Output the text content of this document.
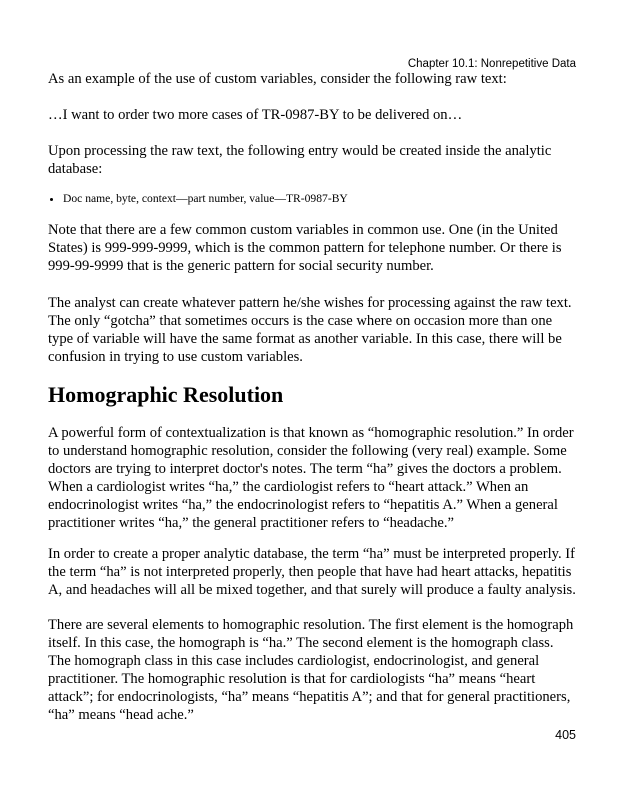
Chapter 10.1: Nonrepetitive Data

As an example of the use of custom variables, consider the following raw text:

…I want to order two more cases of TR-0987-BY to be delivered on…

Upon processing the raw text, the following entry would be created inside the analytic database:

• Doc name, byte, context—part number, value—TR-0987-BY

Note that there are a few common custom variables in common use. One (in the United States) is 999-999-9999, which is the common pattern for telephone number. Or there is 999-99-9999 that is the generic pattern for social security number.

The analyst can create whatever pattern he/she wishes for processing against the raw text. The only “gotcha” that sometimes occurs is the case where on occasion more than one type of variable will have the same format as another variable. In this case, there will be confusion in trying to use custom variables.

Homographic Resolution

A powerful form of contextualization is that known as “homographic resolution.” In order to understand homographic resolution, consider the following (very real) example. Some doctors are trying to interpret doctor's notes. The term “ha” gives the doctors a problem. When a cardiologist writes “ha,” the cardiologist refers to “heart attack.” When an endocrinologist writes “ha,” the endocrinologist refers to “hepatitis A.” When a general practitioner writes “ha,” the general practitioner refers to “headache.”

In order to create a proper analytic database, the term “ha” must be interpreted properly. If the term “ha” is not interpreted properly, then people that have had heart attacks, hepatitis A, and headaches will all be mixed together, and that surely will produce a faulty analysis.

There are several elements to homographic resolution. The first element is the homograph itself. In this case, the homograph is “ha.” The second element is the homograph class. The homograph class in this case includes cardiologist, endocrinologist, and general practitioner. The homographic resolution is that for cardiologists “ha” means “heart attack”; for endocrinologists, “ha” means “hepatitis A”; and that for general practitioners, “ha” means “head ache.”

405
